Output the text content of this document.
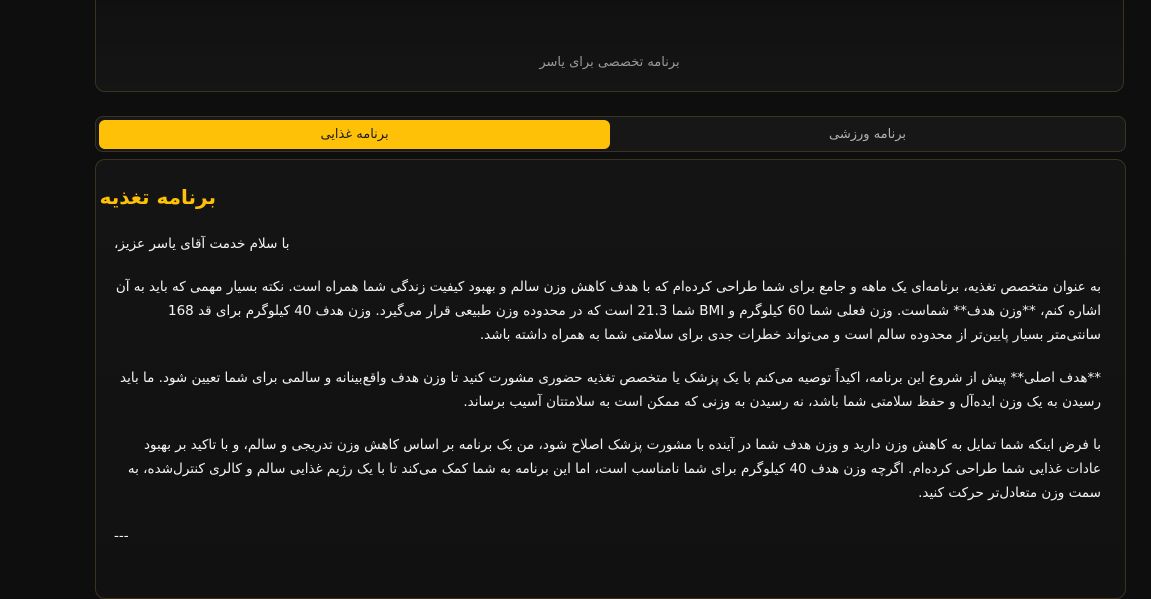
برنامه تخصصی برای یاسر
برنامه غذایی	برنامه ورزشی
برنامه تغذیه

با سلام خدمت آقای یاسر عزیز،

به عنوان متخصص تغذیه، برنامه‌ای یک ماهه و جامع برای شما طراحی کرده‌ام که با هدف کاهش وزن سالم و بهبود کیفیت زندگی شما همراه است. نکته بسیار مهمی که باید به آن اشاره کنم، **وزن هدف** شماست. وزن فعلی شما 60 کیلوگرم و BMI شما 21.3 است که در محدوده وزن طبیعی قرار می‌گیرد. وزن هدف 40 کیلوگرم برای قد 168 سانتی‌متر بسیار پایین‌تر از محدوده سالم است و می‌تواند خطرات جدی برای سلامتی شما به همراه داشته باشد.

**هدف اصلی** پیش از شروع این برنامه، اکیداً توصیه می‌کنم با یک پزشک یا متخصص تغذیه حضوری مشورت کنید تا وزن هدف واقع‌بینانه و سالمی برای شما تعیین شود. ما باید رسیدن به یک وزن ایده‌آل و حفظ سلامتی شما باشد، نه رسیدن به وزنی که ممکن است به سلامتتان آسیب برساند.

با فرض اینکه شما تمایل به کاهش وزن دارید و وزن هدف شما در آینده با مشورت پزشک اصلاح شود، من یک برنامه بر اساس کاهش وزن تدریجی و سالم، و با تاکید بر بهبود عادات غذایی شما طراحی کرده‌ام. اگرچه وزن هدف 40 کیلوگرم برای شما نامناسب است، اما این برنامه به شما کمک می‌کند تا با یک رژیم غذایی سالم و کالری کنترل‌شده، به سمت وزن متعادل‌تر حرکت کنید.

---
